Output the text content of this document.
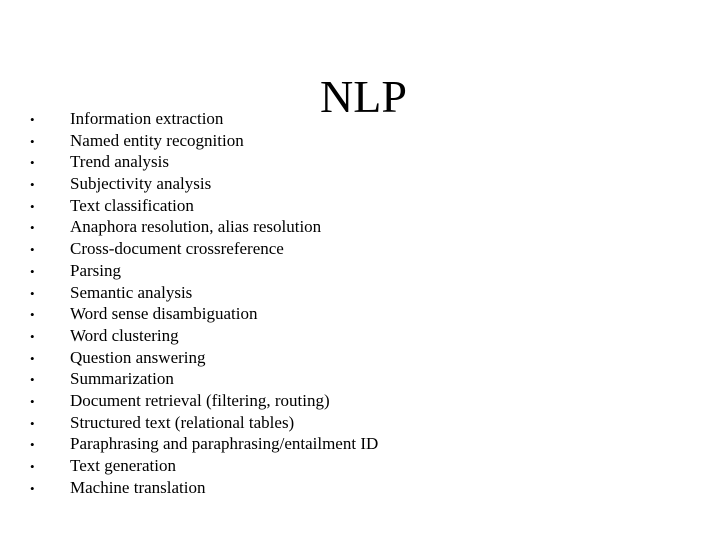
NLP
•	Information extraction
•	Named entity recognition
•	Trend analysis
•	Subjectivity analysis
•	Text classification
•	Anaphora resolution, alias resolution
•	Cross-document crossreference
•	Parsing
•	Semantic analysis
•	Word sense disambiguation
•	Word clustering
•	Question answering
•	Summarization
•	Document retrieval (filtering, routing)
•	Structured text (relational tables)
•	Paraphrasing and paraphrasing/entailment ID
•	Text generation
•	Machine translation
